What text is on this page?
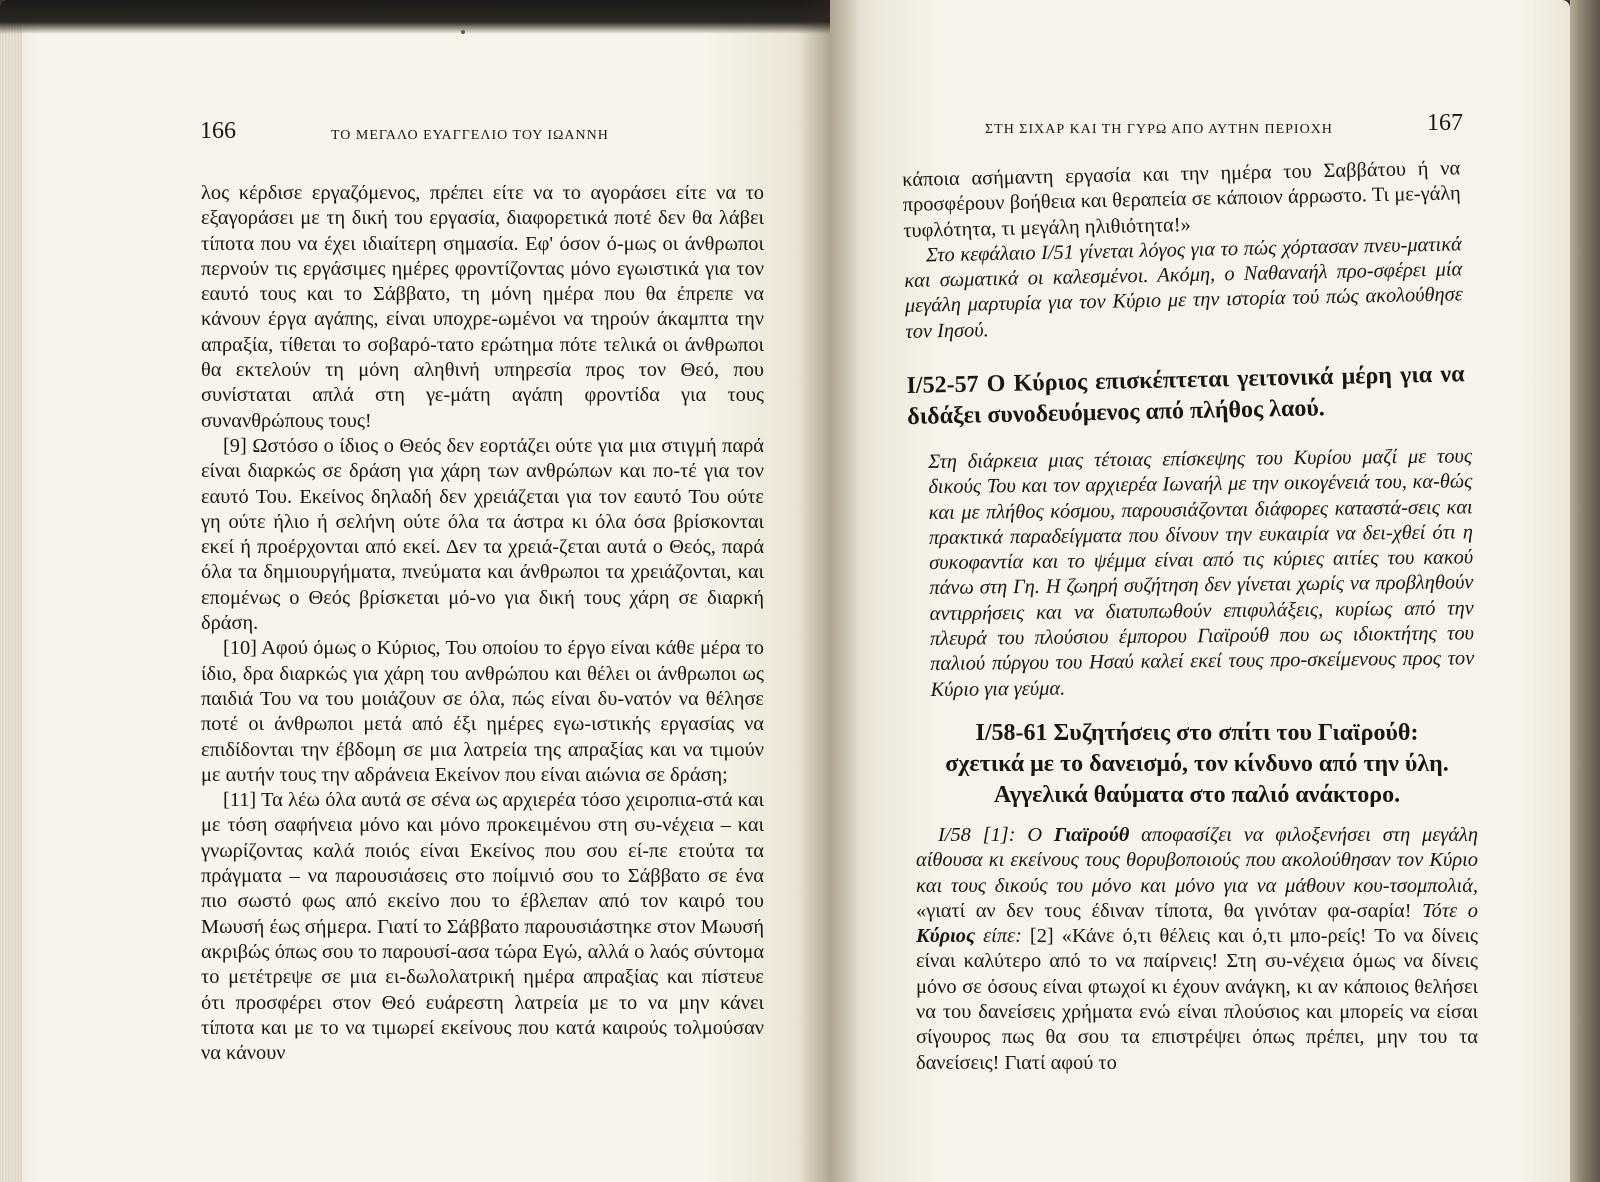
166	ΤΟ ΜΕΓΑΛΟ ΕΥΑΓΓΕΛΙΟ ΤΟΥ ΙΩΑΝΝΗ

λος κέρδισε εργαζόμενος, πρέπει είτε να το αγοράσει είτε να το εξαγοράσει με τη δική του εργασία, διαφορετικά ποτέ δεν θα λάβει τίποτα που να έχει ιδιαίτερη σημασία. Εφ' όσον ό-μως οι άνθρωποι περνούν τις εργάσιμες ημέρες φροντίζοντας μόνο εγωιστικά για τον εαυτό τους και το Σάββατο, τη μόνη ημέρα που θα έπρεπε να κάνουν έργα αγάπης, είναι υποχρε-ωμένοι να τηρούν άκαμπτα την απραξία, τίθεται το σοβαρό-τατο ερώτημα πότε τελικά οι άνθρωποι θα εκτελούν τη μόνη αληθινή υπηρεσία προς τον Θεό, που συνίσταται απλά στη γε-μάτη αγάπη φροντίδα για τους συνανθρώπους τους!

[9] Ωστόσο ο ίδιος ο Θεός δεν εορτάζει ούτε για μια στιγμή παρά είναι διαρκώς σε δράση για χάρη των ανθρώπων και πο-τέ για τον εαυτό Του. Εκείνος δηλαδή δεν χρειάζεται για τον εαυτό Του ούτε γη ούτε ήλιο ή σελήνη ούτε όλα τα άστρα κι όλα όσα βρίσκονται εκεί ή προέρχονται από εκεί. Δεν τα χρειά-ζεται αυτά ο Θεός, παρά όλα τα δημιουργήματα, πνεύματα και άνθρωποι τα χρειάζονται, και επομένως ο Θεός βρίσκεται μό-νο για δική τους χάρη σε διαρκή δράση.

[10] Αφού όμως ο Κύριος, Του οποίου το έργο είναι κάθε μέρα το ίδιο, δρα διαρκώς για χάρη του ανθρώπου και θέλει οι άνθρωποι ως παιδιά Του να του μοιάζουν σε όλα, πώς είναι δυ-νατόν να θέλησε ποτέ οι άνθρωποι μετά από έξι ημέρες εγω-ιστικής εργασίας να επιδίδονται την έβδομη σε μια λατρεία της απραξίας και να τιμούν με αυτήν τους την αδράνεια Εκείνον που είναι αιώνια σε δράση;

[11] Τα λέω όλα αυτά σε σένα ως αρχιερέα τόσο χειροπια-στά και με τόση σαφήνεια μόνο και μόνο προκειμένου στη συ-νέχεια – και γνωρίζοντας καλά ποιός είναι Εκείνος που σου εί-πε ετούτα τα πράγματα – να παρουσιάσεις στο ποίμνιό σου το Σάββατο σε ένα πιο σωστό φως από εκείνο που το έβλεπαν από τον καιρό του Μωυσή έως σήμερα. Γιατί το Σάββατο παρουσιάστηκε στον Μωυσή ακριβώς όπως σου το παρουσί-ασα τώρα Εγώ, αλλά ο λαός σύντομα το μετέτρεψε σε μια ει-δωλολατρική ημέρα απραξίας και πίστευε ότι προσφέρει στον Θεό ευάρεστη λατρεία με το να μην κάνει τίποτα και με το να τιμωρεί εκείνους που κατά καιρούς τολμούσαν να κάνουν

ΣΤΗ ΣΙΧΑΡ ΚΑΙ ΤΗ ΓΥΡΩ ΑΠΟ ΑΥΤΗΝ ΠΕΡΙΟΧΗ	167

κάποια ασήμαντη εργασία και την ημέρα του Σαββάτου ή να προσφέρουν βοήθεια και θεραπεία σε κάποιον άρρωστο. Τι με-γάλη τυφλότητα, τι μεγάλη ηλιθιότητα!»

Στο κεφάλαιο I/51 γίνεται λόγος για το πώς χόρτασαν πνευ-ματικά και σωματικά οι καλεσμένοι. Ακόμη, ο Ναθαναήλ προ-σφέρει μία μεγάλη μαρτυρία για τον Κύριο με την ιστορία τού πώς ακολούθησε τον Ιησού.

I/52-57 Ο Κύριος επισκέπτεται γειτονικά μέρη για να διδάξει συνοδευόμενος από πλήθος λαού.

Στη διάρκεια μιας τέτοιας επίσκεψης του Κυρίου μαζί με τους δικούς Του και τον αρχιερέα Ιωναήλ με την οικογένειά του, κα-θώς και με πλήθος κόσμου, παρουσιάζονται διάφορες καταστά-σεις και πρακτικά παραδείγματα που δίνουν την ευκαιρία να δει-χθεί ότι η συκοφαντία και το ψέμμα είναι από τις κύριες αιτίες του κακού πάνω στη Γη. Η ζωηρή συζήτηση δεν γίνεται χωρίς να προβληθούν αντιρρήσεις και να διατυπωθούν επιφυλάξεις, κυρίως από την πλευρά του πλούσιου έμπορου Γιαϊρούθ που ως ιδιοκτήτης του παλιού πύργου του Ησαύ καλεί εκεί τους προ-σκείμενους προς τον Κύριο για γεύμα.

I/58-61 Συζητήσεις στο σπίτι του Γιαϊρούθ:
σχετικά με το δανεισμό, τον κίνδυνο από την ύλη.
Αγγελικά θαύματα στο παλιό ανάκτορο.

I/58 [1]: Ο Γιαϊρούθ αποφασίζει να φιλοξενήσει στη μεγάλη αίθουσα κι εκείνους τους θορυβοποιούς που ακολούθησαν τον Κύριο και τους δικούς του μόνο και μόνο για να μάθουν κου-τσομπολιά, «γιατί αν δεν τους έδιναν τίποτα, θα γινόταν φα-σαρία! Τότε ο Κύριος είπε: [2] «Κάνε ό,τι θέλεις και ό,τι μπο-ρείς! Το να δίνεις είναι καλύτερο από το να παίρνεις! Στη συ-νέχεια όμως να δίνεις μόνο σε όσους είναι φτωχοί κι έχουν ανάγκη, κι αν κάποιος θελήσει να του δανείσεις χρήματα ενώ είναι πλούσιος και μπορείς να είσαι σίγουρος πως θα σου τα επιστρέψει όπως πρέπει, μην του τα δανείσεις! Γιατί αφού το
